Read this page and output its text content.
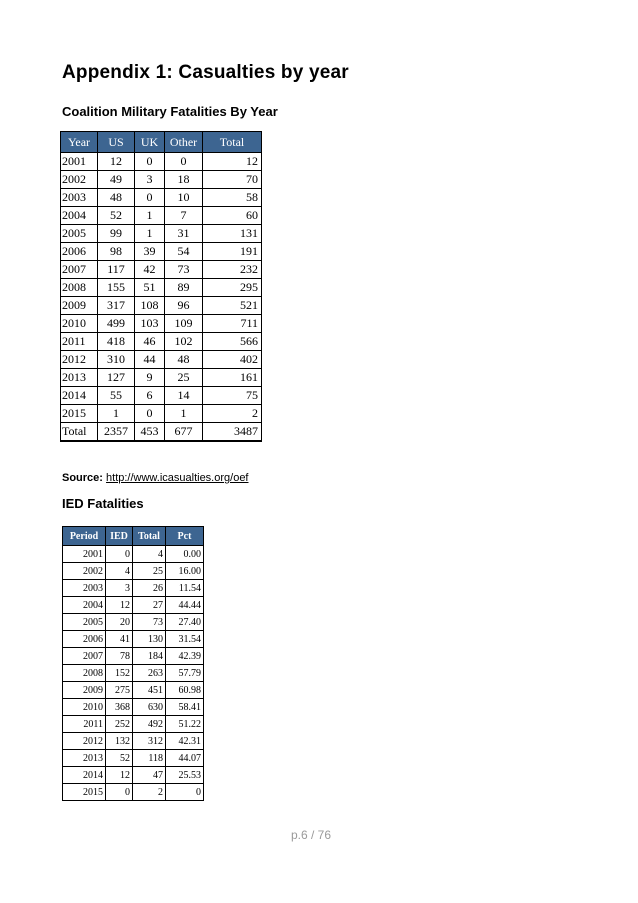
Appendix 1: Casualties by year
Coalition Military Fatalities By Year
Year	US	UK	Other	Total
2001	12	0	0	12
2002	49	3	18	70
2003	48	0	10	58
2004	52	1	7	60
2005	99	1	31	131
2006	98	39	54	191
2007	117	42	73	232
2008	155	51	89	295
2009	317	108	96	521
2010	499	103	109	711
2011	418	46	102	566
2012	310	44	48	402
2013	127	9	25	161
2014	55	6	14	75
2015	1	0	1	2
Total	2357	453	677	3487
Source: http://www.icasualties.org/oef
IED Fatalities
Period	IED	Total	Pct
2001	0	4	0.00
2002	4	25	16.00
2003	3	26	11.54
2004	12	27	44.44
2005	20	73	27.40
2006	41	130	31.54
2007	78	184	42.39
2008	152	263	57.79
2009	275	451	60.98
2010	368	630	58.41
2011	252	492	51.22
2012	132	312	42.31
2013	52	118	44.07
2014	12	47	25.53
2015	0	2	0
p.6 / 76
